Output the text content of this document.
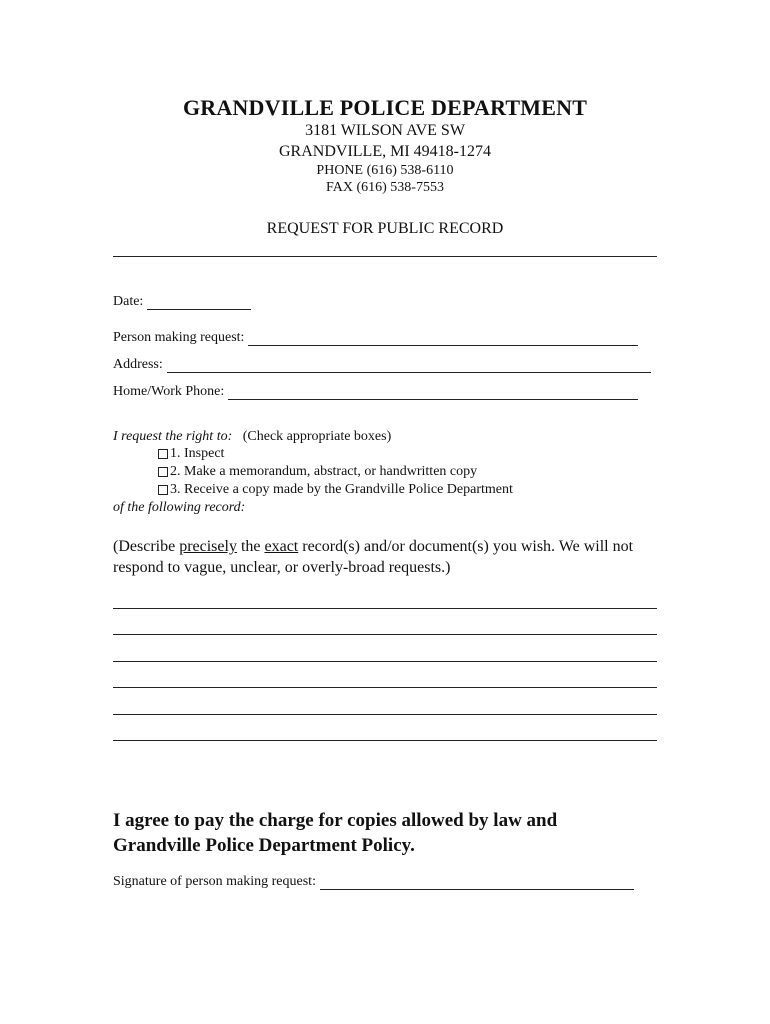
GRANDVILLE POLICE DEPARTMENT
3181 WILSON AVE SW
GRANDVILLE, MI 49418-1274
PHONE (616) 538-6110
FAX (616) 538-7553
REQUEST FOR PUBLIC RECORD
Date:
Person making request:
Address:
Home/Work Phone:
I request the right to: (Check appropriate boxes)
1. Inspect
2. Make a memorandum, abstract, or handwritten copy
3. Receive a copy made by the Grandville Police Department
of the following record:
(Describe precisely the exact record(s) and/or document(s) you wish. We will not respond to vague, unclear, or overly-broad requests.)
I agree to pay the charge for copies allowed by law and
Grandville Police Department Policy.
Signature of person making request:
